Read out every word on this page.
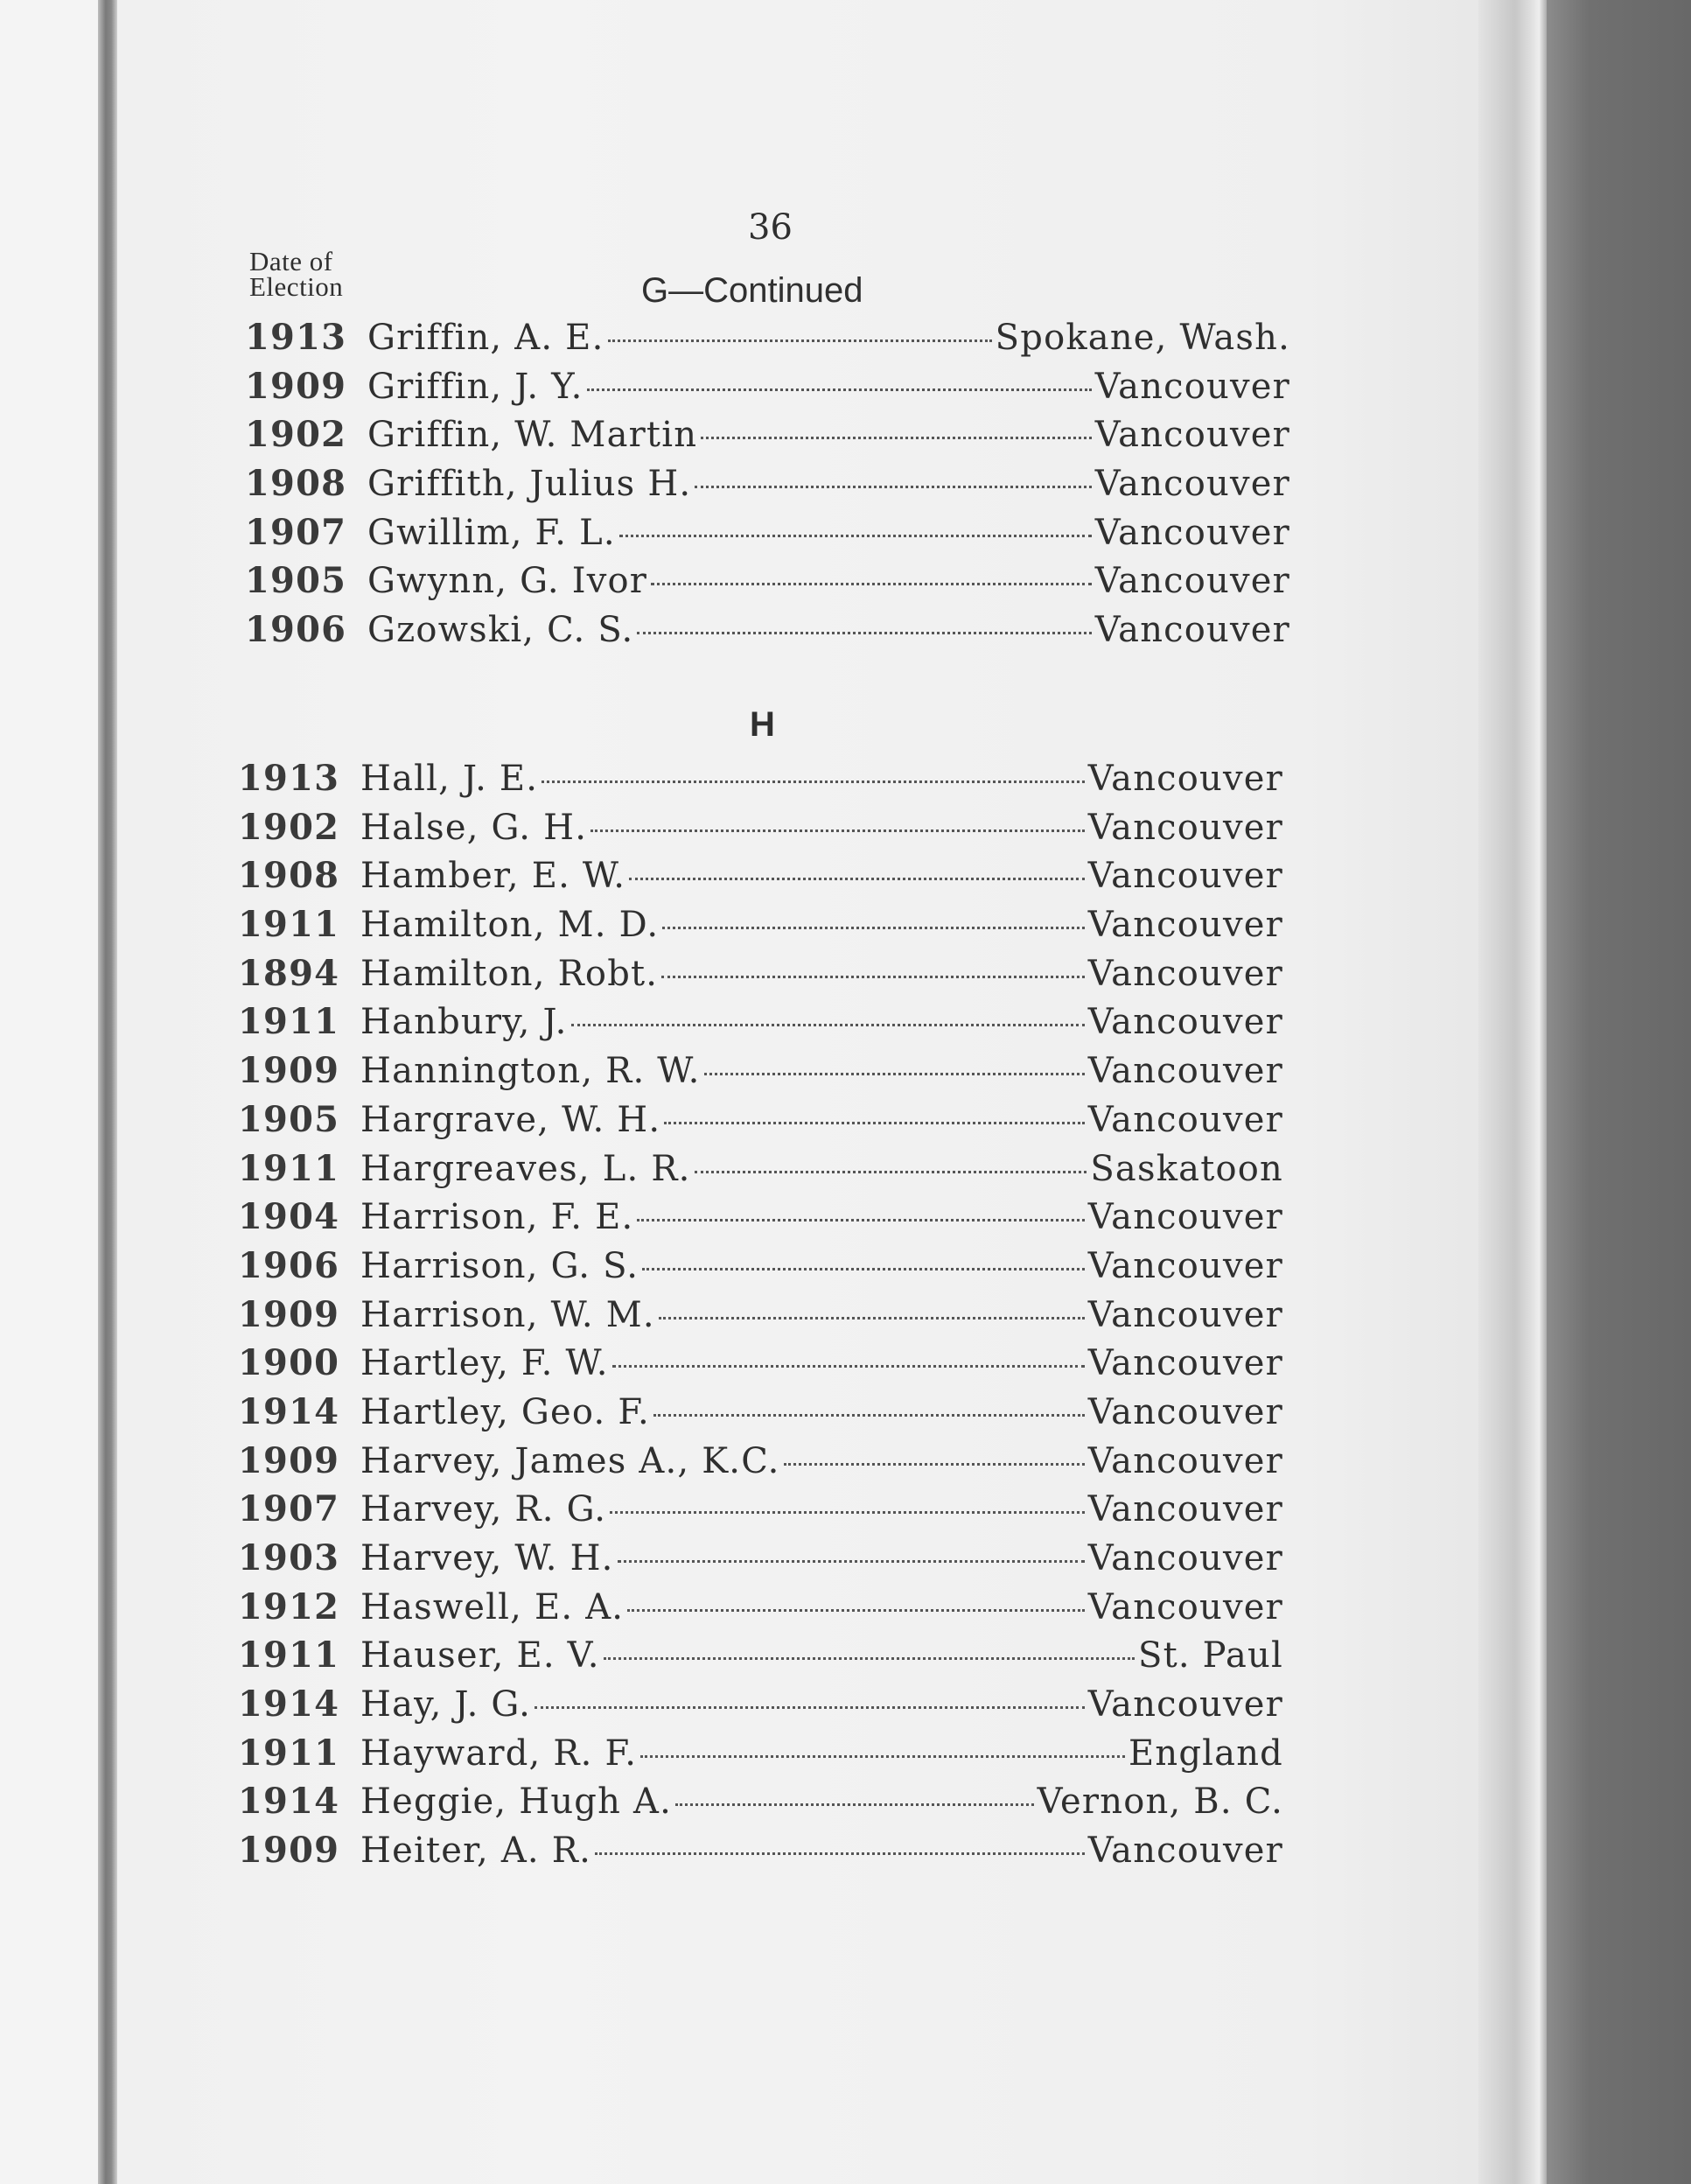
36
Date of
Election	G—Continued
1913 Griffin, A. E.	Spokane, Wash.
1909 Griffin, J. Y.	Vancouver
1902 Griffin, W. Martin	Vancouver
1908 Griffith, Julius H.	Vancouver
1907 Gwillim, F. L.	Vancouver
1905 Gwynn, G. Ivor	Vancouver
1906 Gzowski, C. S.	Vancouver
H
1913 Hall, J. E.	Vancouver
1902 Halse, G. H.	Vancouver
1908 Hamber, E. W.	Vancouver
1911 Hamilton, M. D.	Vancouver
1894 Hamilton, Robt.	Vancouver
1911 Hanbury, J.	Vancouver
1909 Hannington, R. W.	Vancouver
1905 Hargrave, W. H.	Vancouver
1911 Hargreaves, L. R.	Saskatoon
1904 Harrison, F. E.	Vancouver
1906 Harrison, G. S.	Vancouver
1909 Harrison, W. M.	Vancouver
1900 Hartley, F. W.	Vancouver
1914 Hartley, Geo. F.	Vancouver
1909 Harvey, James A., K.C.	Vancouver
1907 Harvey, R. G.	Vancouver
1903 Harvey, W. H.	Vancouver
1912 Haswell, E. A.	Vancouver
1911 Hauser, E. V.	St. Paul
1914 Hay, J. G.	Vancouver
1911 Hayward, R. F.	England
1914 Heggie, Hugh A.	Vernon, B. C.
1909 Heiter, A. R.	Vancouver
